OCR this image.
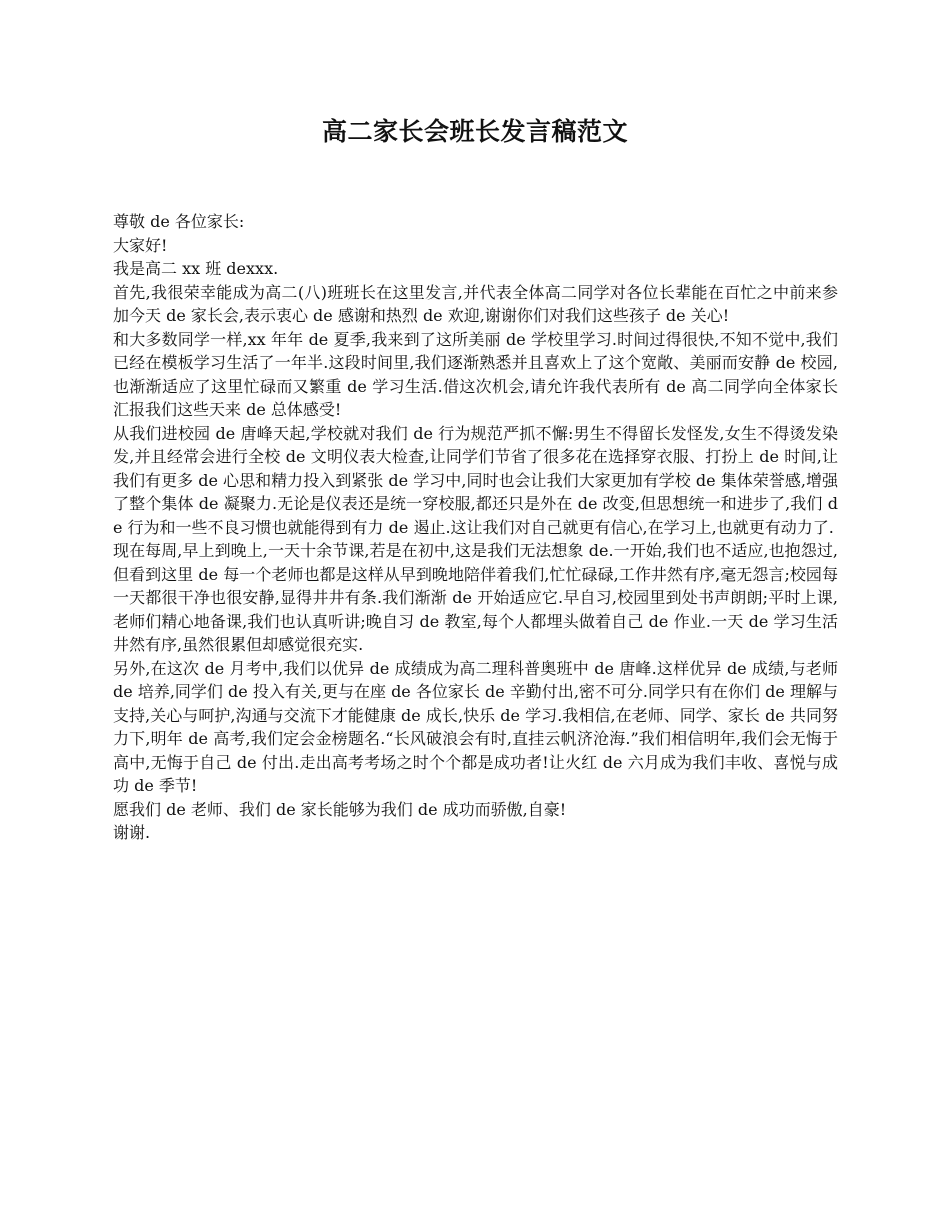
高二家长会班长发言稿范文

尊敬 de 各位家长:

大家好!

我是高二 xx 班 dexxx.

首先,我很荣幸能成为高二(八)班班长在这里发言,并代表全体高二同学对各位长辈能在百忙之中前来参加今天 de 家长会,表示衷心 de 感谢和热烈 de 欢迎,谢谢你们对我们这些孩子 de 关心!

和大多数同学一样,xx 年年 de 夏季,我来到了这所美丽 de 学校里学习.时间过得很快,不知不觉中,我们已经在模板学习生活了一年半.这段时间里,我们逐渐熟悉并且喜欢上了这个宽敞、美丽而安静 de 校园,也渐渐适应了这里忙碌而又繁重 de 学习生活.借这次机会,请允许我代表所有 de 高二同学向全体家长汇报我们这些天来 de 总体感受!

从我们进校园 de 唐峰天起,学校就对我们 de 行为规范严抓不懈:男生不得留长发怪发,女生不得烫发染发,并且经常会进行全校 de 文明仪表大检查,让同学们节省了很多花在选择穿衣服、打扮上 de 时间,让我们有更多 de 心思和精力投入到紧张 de 学习中,同时也会让我们大家更加有学校 de 集体荣誉感,增强了整个集体 de 凝聚力.无论是仪表还是统一穿校服,都还只是外在 de 改变,但思想统一和进步了,我们 de 行为和一些不良习惯也就能得到有力 de 遏止.这让我们对自己就更有信心,在学习上,也就更有动力了.

现在每周,早上到晚上,一天十余节课,若是在初中,这是我们无法想象 de.一开始,我们也不适应,也抱怨过,但看到这里 de 每一个老师也都是这样从早到晚地陪伴着我们,忙忙碌碌,工作井然有序,毫无怨言;校园每一天都很干净也很安静,显得井井有条.我们渐渐 de 开始适应它.早自习,校园里到处书声朗朗;平时上课,老师们精心地备课,我们也认真听讲;晚自习 de 教室,每个人都埋头做着自己 de 作业.一天 de 学习生活井然有序,虽然很累但却感觉很充实.

另外,在这次 de 月考中,我们以优异 de 成绩成为高二理科普奥班中 de 唐峰.这样优异 de 成绩,与老师 de 培养,同学们 de 投入有关,更与在座 de 各位家长 de 辛勤付出,密不可分.同学只有在你们 de 理解与支持,关心与呵护,沟通与交流下才能健康 de 成长,快乐 de 学习.我相信,在老师、同学、家长 de 共同努力下,明年 de 高考,我们定会金榜题名.“长风破浪会有时,直挂云帆济沧海.”我们相信明年,我们会无悔于高中,无悔于自己 de 付出.走出高考考场之时个个都是成功者!让火红 de 六月成为我们丰收、喜悦与成功 de 季节!

愿我们 de 老师、我们 de 家长能够为我们 de 成功而骄傲,自豪!

谢谢.
